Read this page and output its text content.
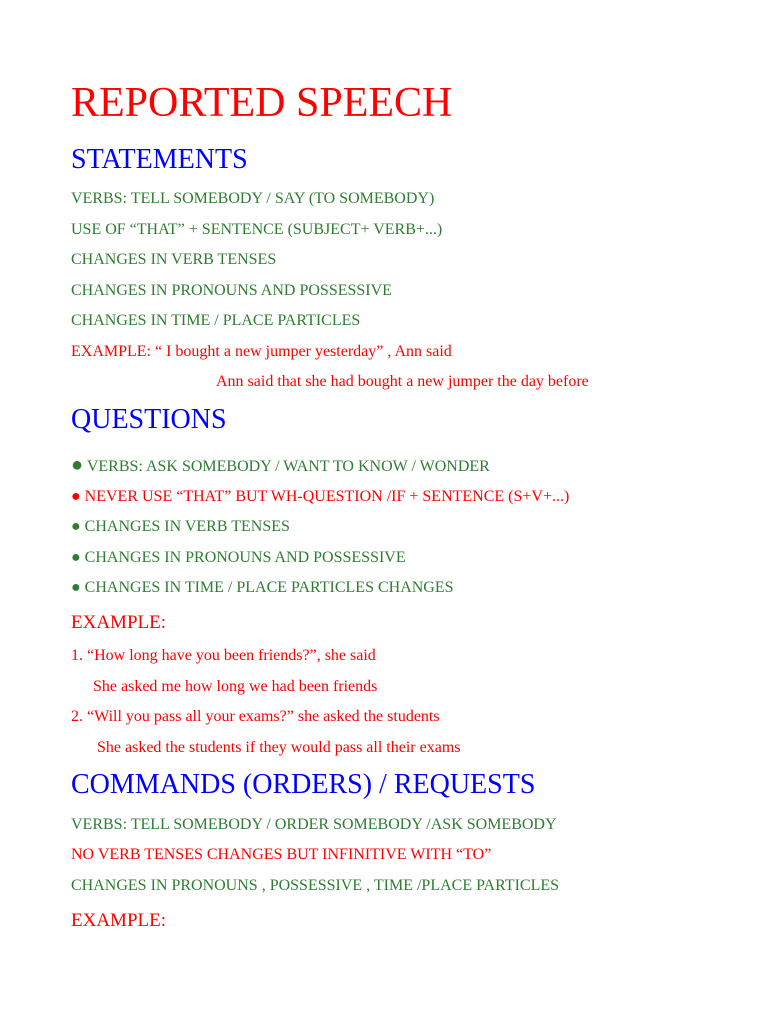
REPORTED SPEECH
STATEMENTS
VERBS: TELL SOMEBODY / SAY (TO SOMEBODY)
USE OF “THAT” + SENTENCE (SUBJECT+ VERB+...)
CHANGES IN VERB TENSES
CHANGES IN PRONOUNS AND POSSESSIVE
CHANGES IN TIME / PLACE PARTICLES
EXAMPLE: “ I bought a new jumper yesterday” , Ann said
Ann said that she had bought a new jumper the day before
QUESTIONS
● VERBS: ASK SOMEBODY / WANT TO KNOW / WONDER
● NEVER USE “THAT” BUT WH-QUESTION /IF + SENTENCE (S+V+...)
● CHANGES IN VERB TENSES
● CHANGES IN PRONOUNS AND POSSESSIVE
● CHANGES IN TIME / PLACE PARTICLES CHANGES
EXAMPLE:
1. “How long have you been friends?”, she said
She asked me how long we had been friends
2. “Will you pass all your exams?” she asked the students
She asked the students if they would pass all their exams
COMMANDS (ORDERS) / REQUESTS
VERBS: TELL SOMEBODY / ORDER SOMEBODY /ASK SOMEBODY
NO VERB TENSES CHANGES BUT INFINITIVE WITH “TO”
CHANGES IN PRONOUNS , POSSESSIVE , TIME /PLACE PARTICLES
EXAMPLE:
